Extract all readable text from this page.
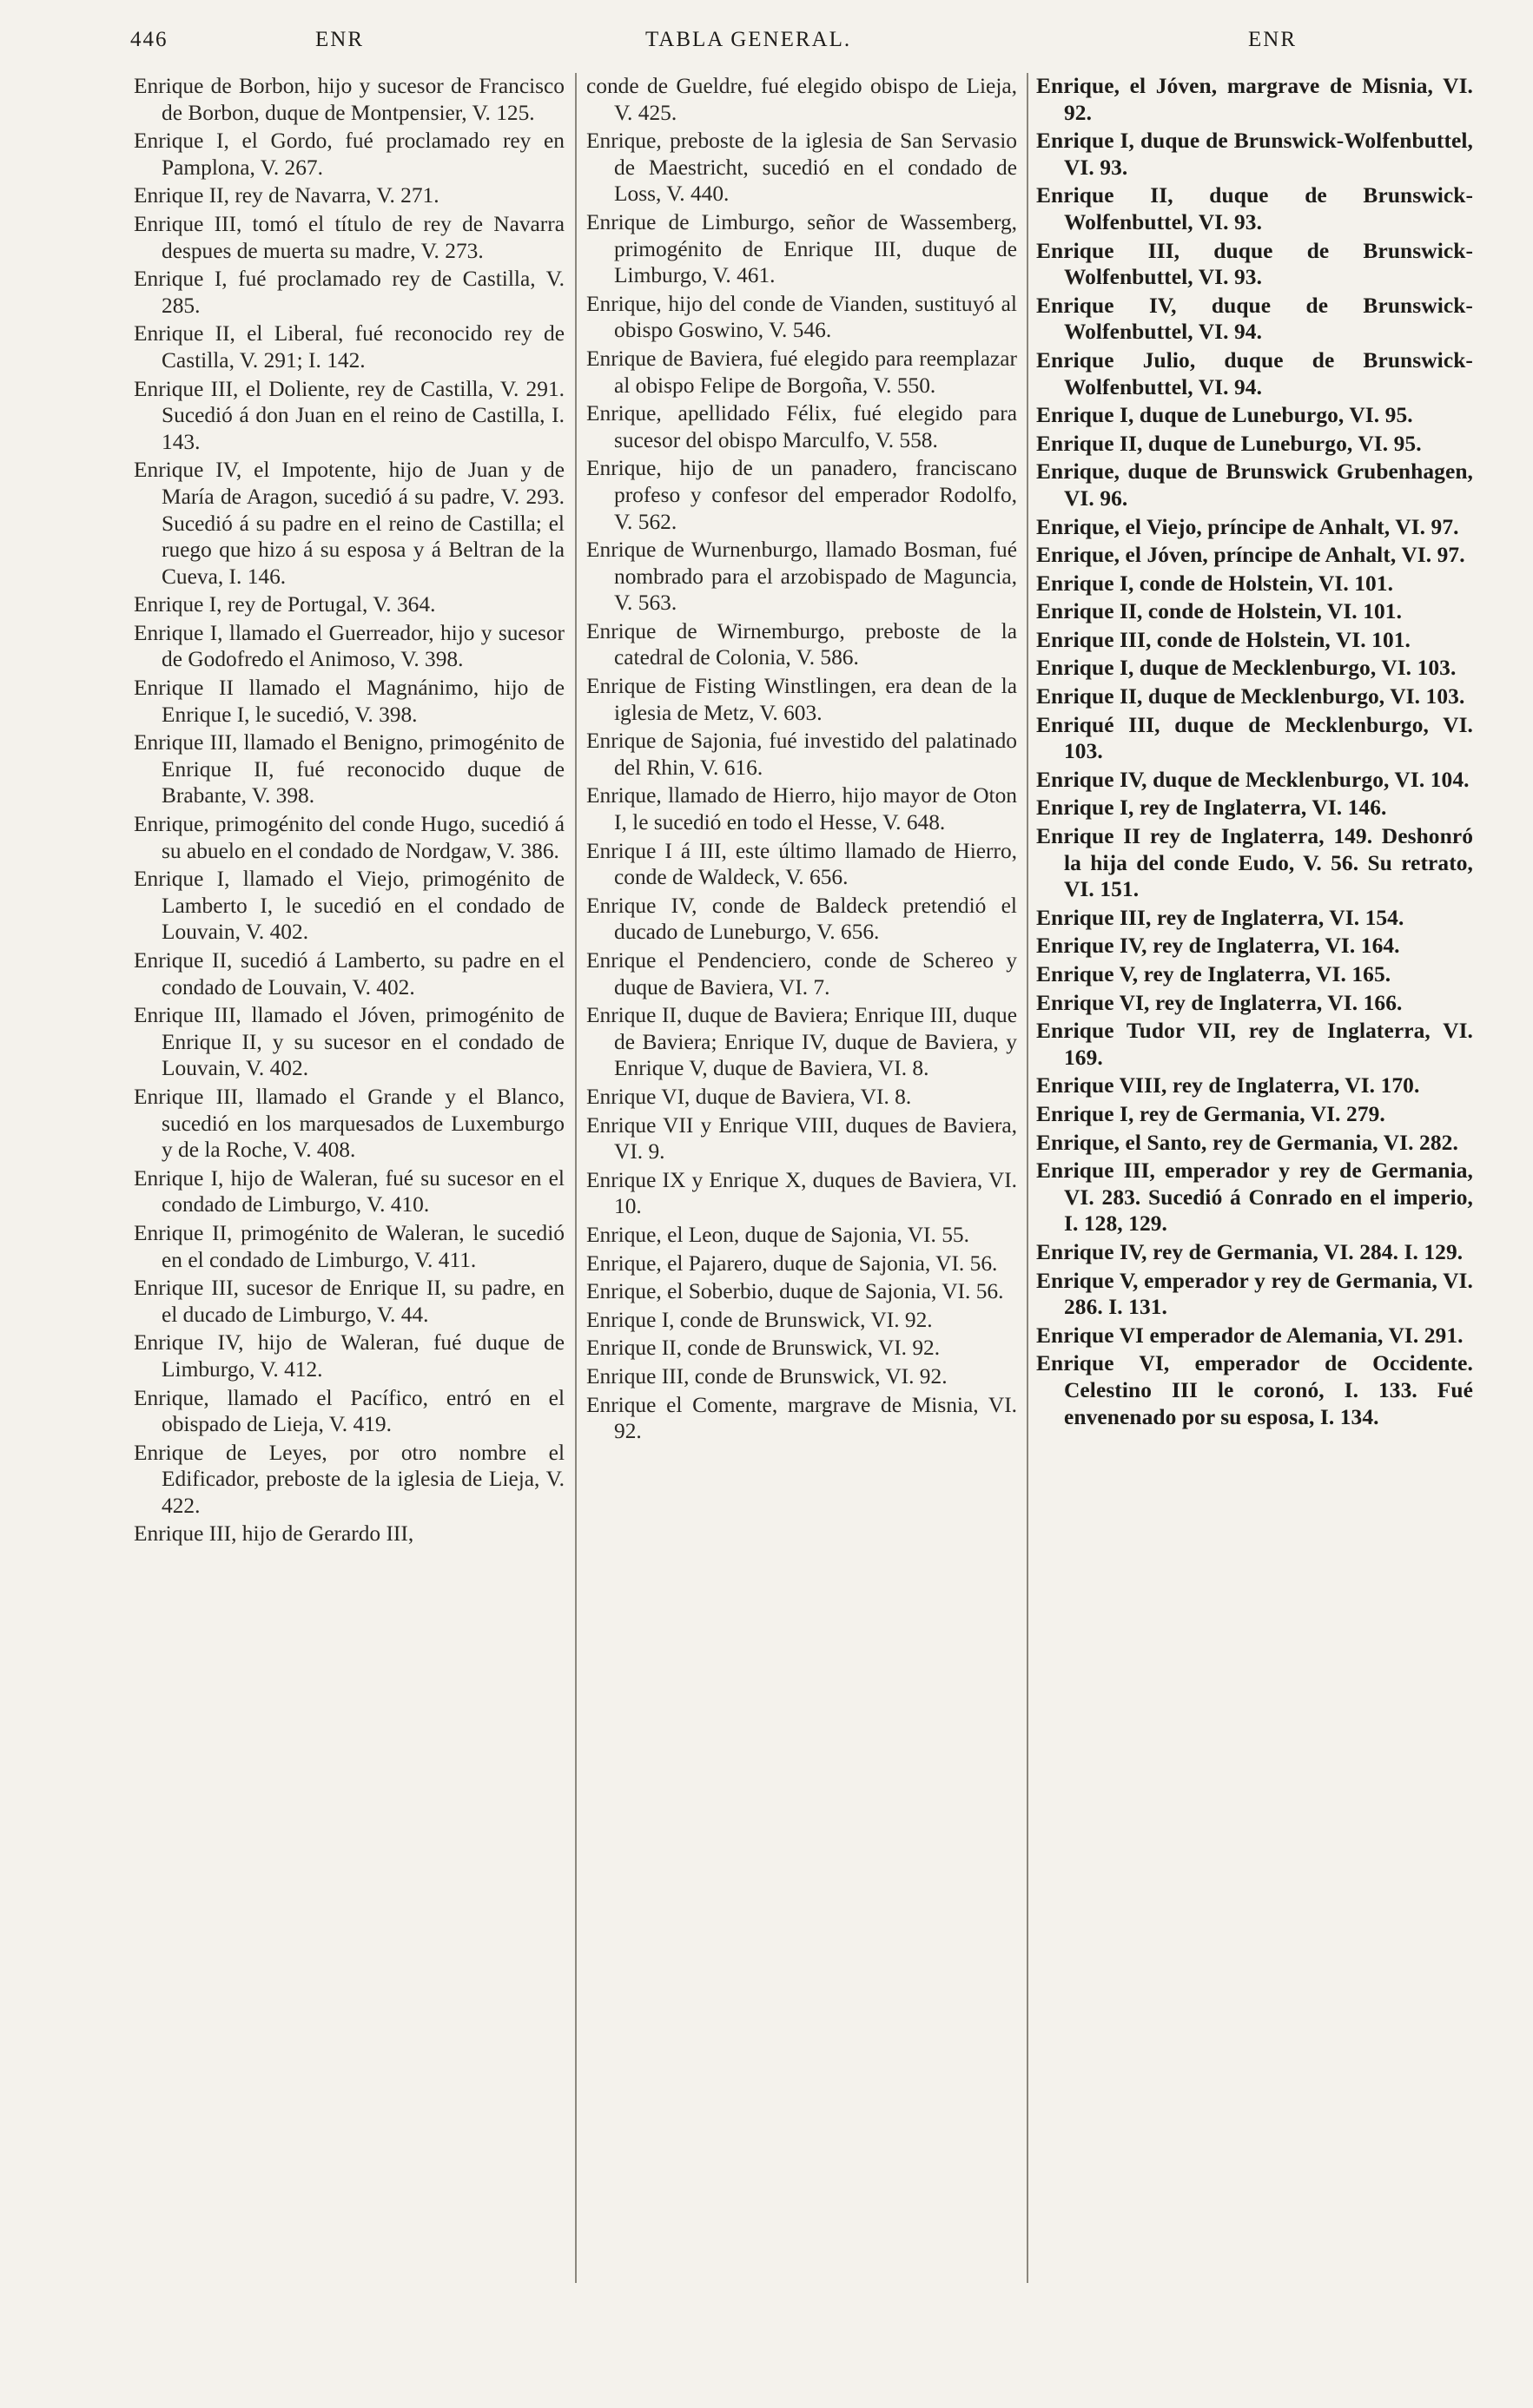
446	ENR	TABLA GENERAL.	ENR

Enrique de Borbon, hijo y sucesor de Francisco de Borbon, duque de Montpensier, V. 125.

Enrique I, el Gordo, fué proclamado rey en Pamplona, V. 267.

Enrique II, rey de Navarra, V. 271.

Enrique III, tomó el título de rey de Navarra despues de muerta su madre, V. 273.

Enrique I, fué proclamado rey de Castilla, V. 285.

Enrique II, el Liberal, fué reconocido rey de Castilla, V. 291; I. 142.

Enrique III, el Doliente, rey de Castilla, V. 291. Sucedió á don Juan en el reino de Castilla, I. 143.

Enrique IV, el Impotente, hijo de Juan y de María de Aragon, sucedió á su padre, V. 293. Sucedió á su padre en el reino de Castilla; el ruego que hizo á su esposa y á Beltran de la Cueva, I. 146.

Enrique I, rey de Portugal, V. 364.

Enrique I, llamado el Guerreador, hijo y sucesor de Godofredo el Animoso, V. 398.

Enrique II llamado el Magnánimo, hijo de Enrique I, le sucedió, V. 398.

Enrique III, llamado el Benigno, primogénito de Enrique II, fué reconocido duque de Brabante, V. 398.

Enrique, primogénito del conde Hugo, sucedió á su abuelo en el condado de Nordgaw, V. 386.

Enrique I, llamado el Viejo, primogénito de Lamberto I, le sucedió en el condado de Louvain, V. 402.

Enrique II, sucedió á Lamberto, su padre en el condado de Louvain, V. 402.

Enrique III, llamado el Jóven, primogénito de Enrique II, y su sucesor en el condado de Louvain, V. 402.

Enrique III, llamado el Grande y el Blanco, sucedió en los marquesados de Luxemburgo y de la Roche, V. 408.

Enrique I, hijo de Waleran, fué su sucesor en el condado de Limburgo, V. 410.

Enrique II, primogénito de Waleran, le sucedió en el condado de Limburgo, V. 411.

Enrique III, sucesor de Enrique II, su padre, en el ducado de Limburgo, V. 44.

Enrique IV, hijo de Waleran, fué duque de Limburgo, V. 412.

Enrique, llamado el Pacífico, entró en el obispado de Lieja, V. 419.

Enrique de Leyes, por otro nombre el Edificador, preboste de la iglesia de Lieja, V. 422.

Enrique III, hijo de Gerardo III,

conde de Gueldre, fué elegido obispo de Lieja, V. 425.

Enrique, preboste de la iglesia de San Servasio de Maestricht, sucedió en el condado de Loss, V. 440.

Enrique de Limburgo, señor de Wassemberg, primogénito de Enrique III, duque de Limburgo, V. 461.

Enrique, hijo del conde de Vianden, sustituyó al obispo Goswino, V. 546.

Enrique de Baviera, fué elegido para reemplazar al obispo Felipe de Borgoña, V. 550.

Enrique, apellidado Félix, fué elegido para sucesor del obispo Marculfo, V. 558.

Enrique, hijo de un panadero, franciscano profeso y confesor del emperador Rodolfo, V. 562.

Enrique de Wurnenburgo, llamado Bosman, fué nombrado para el arzobispado de Maguncia, V. 563.

Enrique de Wirnemburgo, preboste de la catedral de Colonia, V. 586.

Enrique de Fisting Winstlingen, era dean de la iglesia de Metz, V. 603.

Enrique de Sajonia, fué investido del palatinado del Rhin, V. 616.

Enrique, llamado de Hierro, hijo mayor de Oton I, le sucedió en todo el Hesse, V. 648.

Enrique I á III, este último llamado de Hierro, conde de Waldeck, V. 656.

Enrique IV, conde de Baldeck pretendió el ducado de Luneburgo, V. 656.

Enrique el Pendenciero, conde de Schereo y duque de Baviera, VI. 7.

Enrique II, duque de Baviera; Enrique III, duque de Baviera; Enrique IV, duque de Baviera, y Enrique V, duque de Baviera, VI. 8.

Enrique VI, duque de Baviera, VI. 8.

Enrique VII y Enrique VIII, duques de Baviera, VI. 9.

Enrique IX y Enrique X, duques de Baviera, VI. 10.

Enrique, el Leon, duque de Sajonia, VI. 55.

Enrique, el Pajarero, duque de Sajonia, VI. 56.

Enrique, el Soberbio, duque de Sajonia, VI. 56.

Enrique I, conde de Brunswick, VI. 92.

Enrique II, conde de Brunswick, VI. 92.

Enrique III, conde de Brunswick, VI. 92.

Enrique el Comente, margrave de Misnia, VI. 92.

Enrique, el Jóven, margrave de Misnia, VI. 92.

Enrique I, duque de Brunswick-Wolfenbuttel, VI. 93.

Enrique II, duque de Brunswick-Wolfenbuttel, VI. 93.

Enrique III, duque de Brunswick-Wolfenbuttel, VI. 93.

Enrique IV, duque de Brunswick-Wolfenbuttel, VI. 94.

Enrique Julio, duque de Brunswick-Wolfenbuttel, VI. 94.

Enrique I, duque de Luneburgo, VI. 95.

Enrique II, duque de Luneburgo, VI. 95.

Enrique, duque de Brunswick Grubenhagen, VI. 96.

Enrique, el Viejo, príncipe de Anhalt, VI. 97.

Enrique, el Jóven, príncipe de Anhalt, VI. 97.

Enrique I, conde de Holstein, VI. 101.

Enrique II, conde de Holstein, VI. 101.

Enrique III, conde de Holstein, VI. 101.

Enrique I, duque de Mecklenburgo, VI. 103.

Enrique II, duque de Mecklenburgo, VI. 103.

Enriqué III, duque de Mecklenburgo, VI. 103.

Enrique IV, duque de Mecklenburgo, VI. 104.

Enrique I, rey de Inglaterra, VI. 146.

Enrique II rey de Inglaterra, 149. Deshonró la hija del conde Eudo, V. 56. Su retrato, VI. 151.

Enrique III, rey de Inglaterra, VI. 154.

Enrique IV, rey de Inglaterra, VI. 164.

Enrique V, rey de Inglaterra, VI. 165.

Enrique VI, rey de Inglaterra, VI. 166.

Enrique Tudor VII, rey de Inglaterra, VI. 169.

Enrique VIII, rey de Inglaterra, VI. 170.

Enrique I, rey de Germania, VI. 279.

Enrique, el Santo, rey de Germania, VI. 282.

Enrique III, emperador y rey de Germania, VI. 283. Sucedió á Conrado en el imperio, I. 128, 129.

Enrique IV, rey de Germania, VI. 284. I. 129.

Enrique V, emperador y rey de Germania, VI. 286. I. 131.

Enrique VI emperador de Alemania, VI. 291.

Enrique VI, emperador de Occidente. Celestino III le coronó, I. 133. Fué envenenado por su esposa, I. 134.
